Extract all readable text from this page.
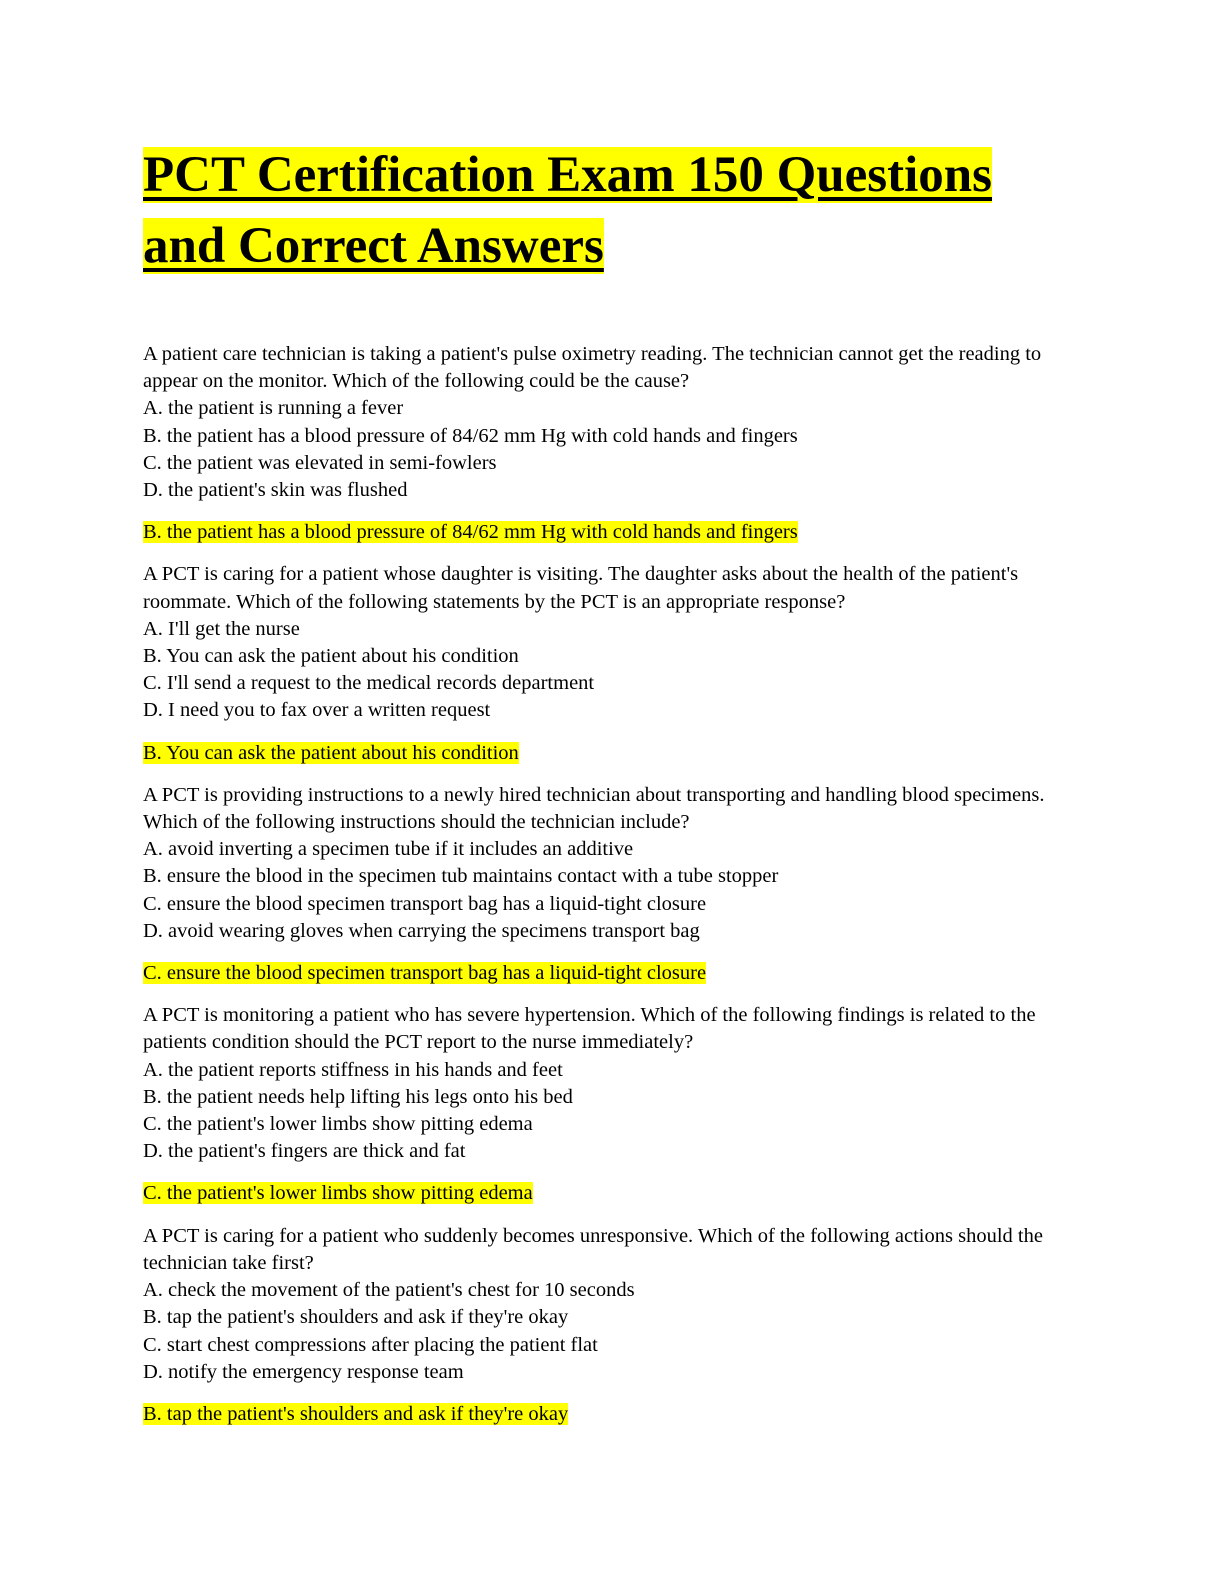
PCT Certification Exam 150 Questions
and Correct Answers

A patient care technician is taking a patient's pulse oximetry reading. The technician cannot get the reading to appear on the monitor. Which of the following could be the cause?

A. the patient is running a fever

B. the patient has a blood pressure of 84/62 mm Hg with cold hands and fingers

C. the patient was elevated in semi-fowlers

D. the patient's skin was flushed

B. the patient has a blood pressure of 84/62 mm Hg with cold hands and fingers

A PCT is caring for a patient whose daughter is visiting. The daughter asks about the health of the patient's roommate. Which of the following statements by the PCT is an appropriate response?

A. I'll get the nurse

B. You can ask the patient about his condition

C. I'll send a request to the medical records department

D. I need you to fax over a written request

B. You can ask the patient about his condition

A PCT is providing instructions to a newly hired technician about transporting and handling blood specimens. Which of the following instructions should the technician include?

A. avoid inverting a specimen tube if it includes an additive

B. ensure the blood in the specimen tub maintains contact with a tube stopper

C. ensure the blood specimen transport bag has a liquid-tight closure

D. avoid wearing gloves when carrying the specimens transport bag

C. ensure the blood specimen transport bag has a liquid-tight closure

A PCT is monitoring a patient who has severe hypertension. Which of the following findings is related to the patients condition should the PCT report to the nurse immediately?

A. the patient reports stiffness in his hands and feet

B. the patient needs help lifting his legs onto his bed

C. the patient's lower limbs show pitting edema

D. the patient's fingers are thick and fat

C. the patient's lower limbs show pitting edema

A PCT is caring for a patient who suddenly becomes unresponsive. Which of the following actions should the technician take first?

A. check the movement of the patient's chest for 10 seconds

B. tap the patient's shoulders and ask if they're okay

C. start chest compressions after placing the patient flat

D. notify the emergency response team

B. tap the patient's shoulders and ask if they're okay
